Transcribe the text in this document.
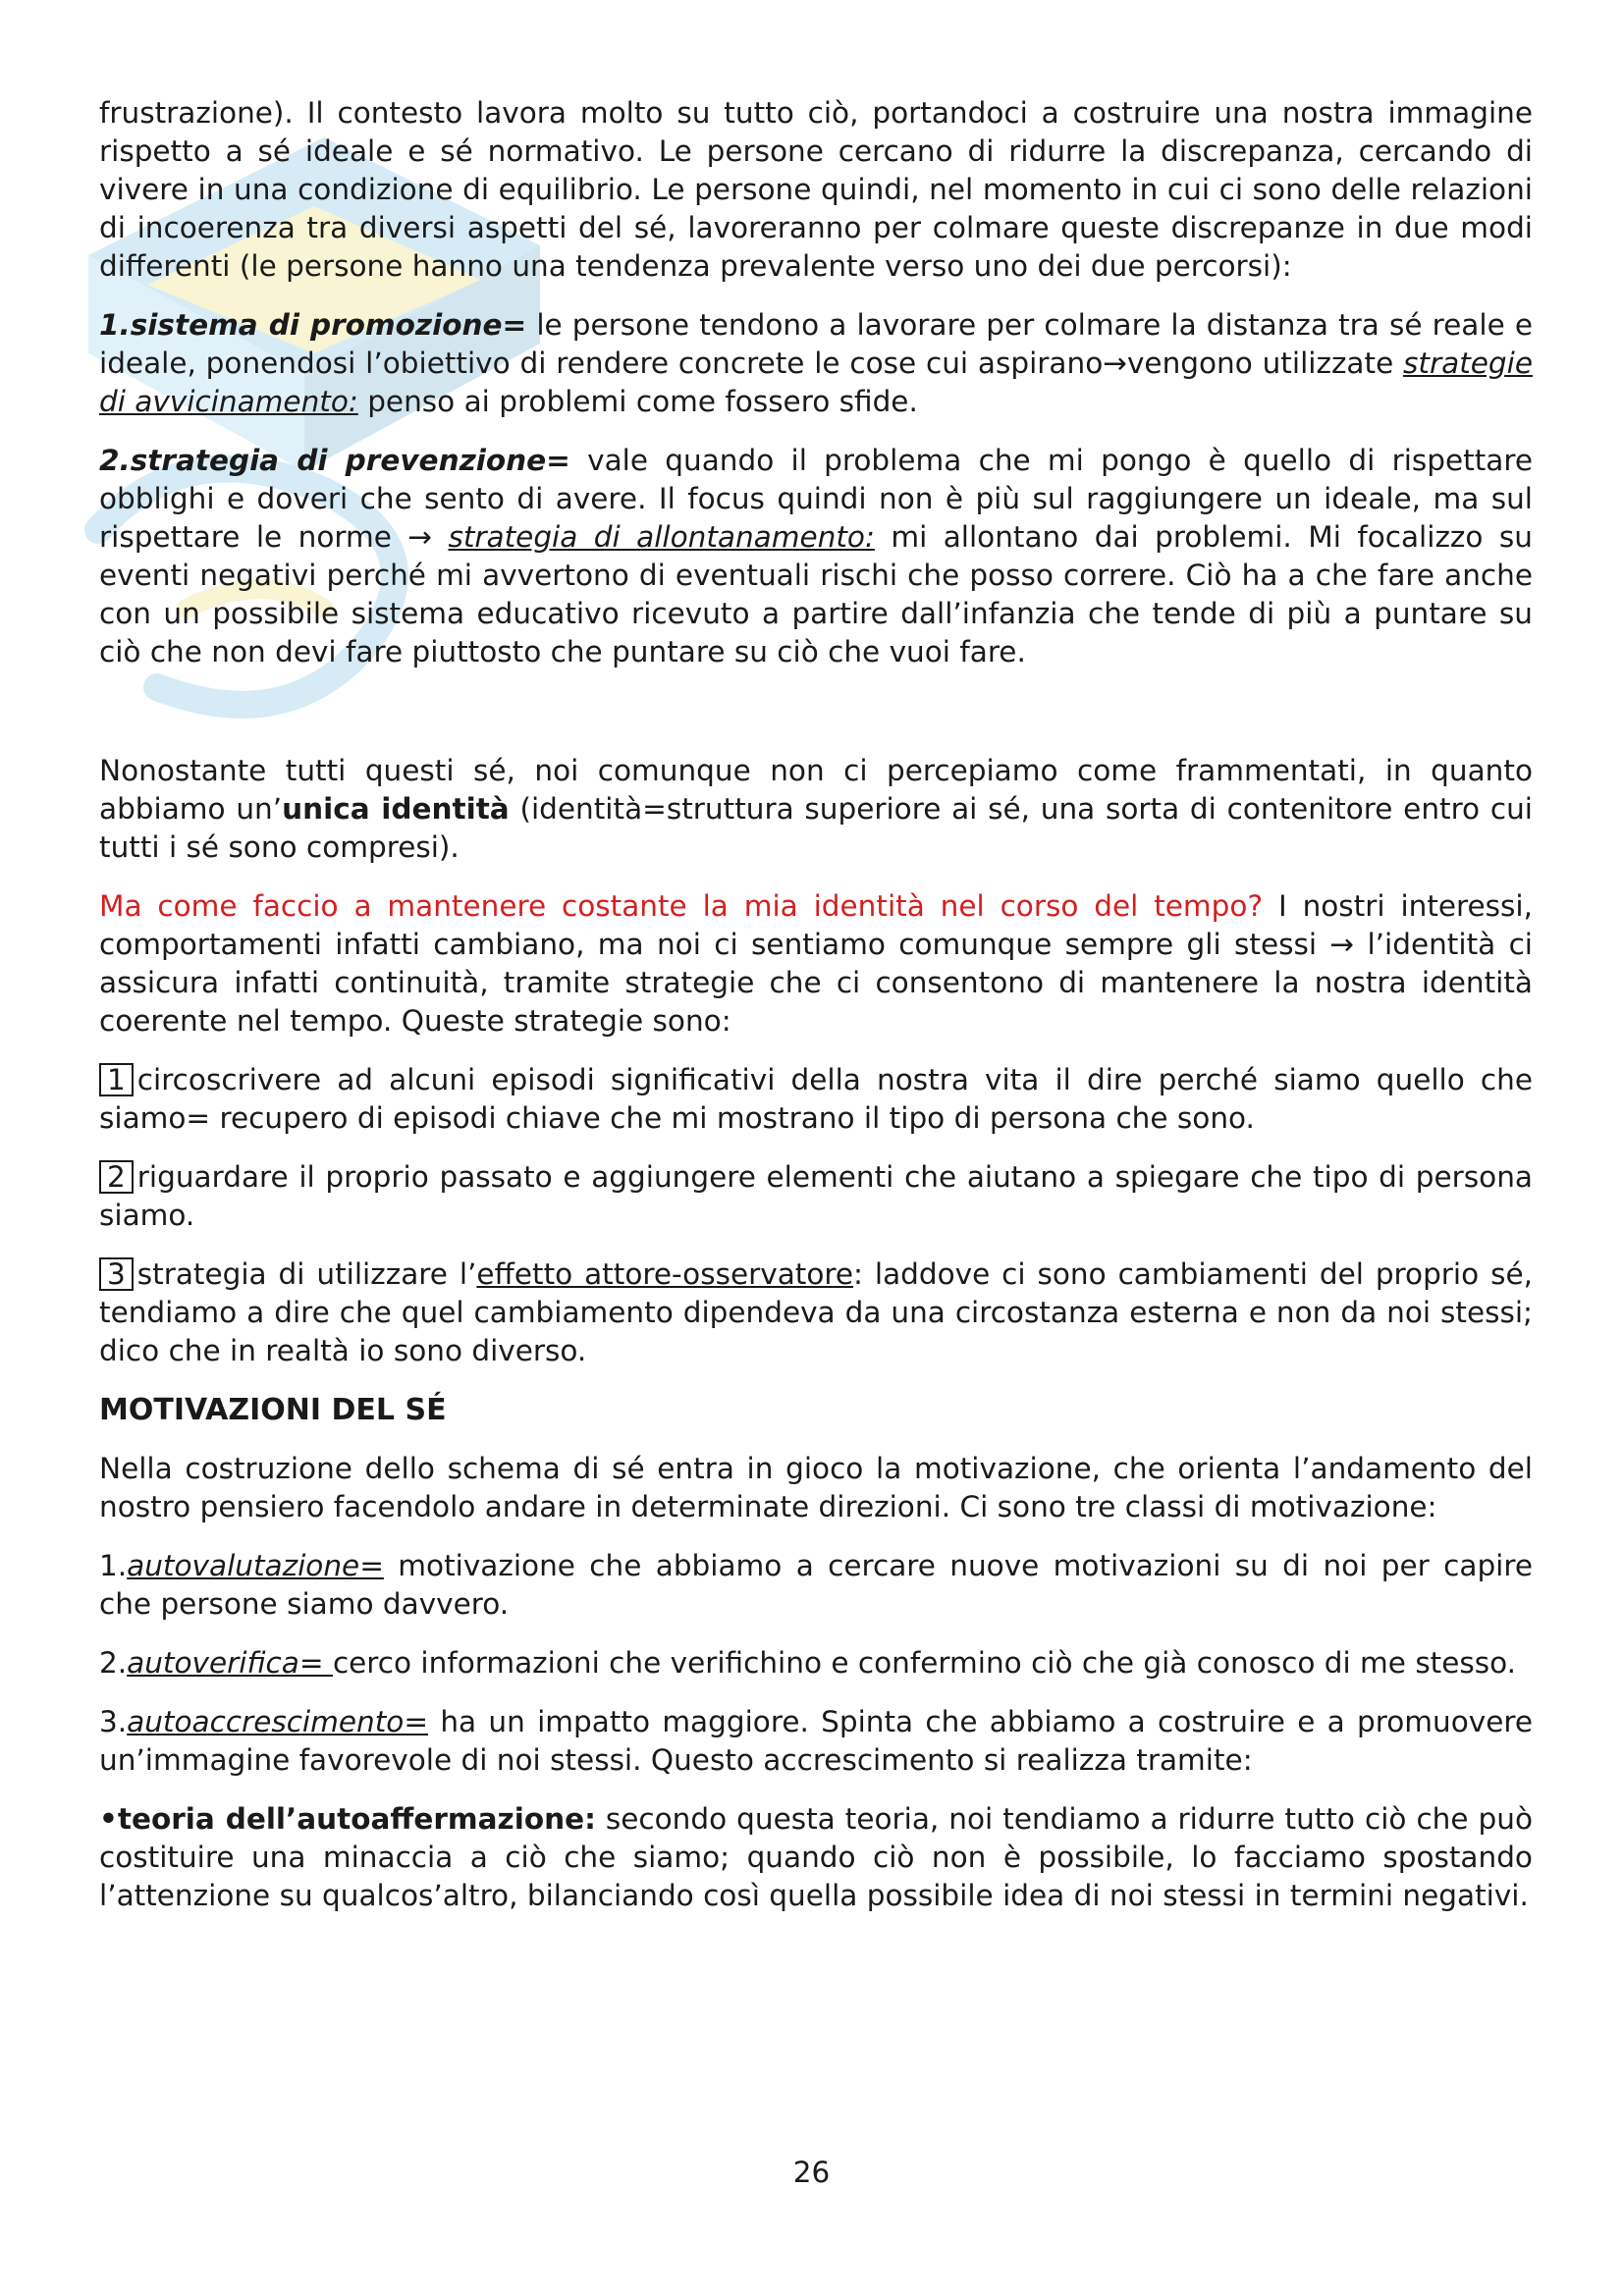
frustrazione). Il contesto lavora molto su tutto ciò, portandoci a costruire una nostra immagine rispetto a sé ideale e sé normativo. Le persone cercano di ridurre la discrepanza, cercando di vivere in una condizione di equilibrio. Le persone quindi, nel momento in cui ci sono delle relazioni di incoerenza tra diversi aspetti del sé, lavoreranno per colmare queste discrepanze in due modi differenti (le persone hanno una tendenza prevalente verso uno dei due percorsi):

1.sistema di promozione= le persone tendono a lavorare per colmare la distanza tra sé reale e ideale, ponendosi l’obiettivo di rendere concrete le cose cui aspirano→vengono utilizzate strategie di avvicinamento: penso ai problemi come fossero sfide.

2.strategia di prevenzione= vale quando il problema che mi pongo è quello di rispettare obblighi e doveri che sento di avere. Il focus quindi non è più sul raggiungere un ideale, ma sul rispettare le norme → strategia di allontanamento: mi allontano dai problemi. Mi focalizzo su eventi negativi perché mi avvertono di eventuali rischi che posso correre. Ciò ha a che fare anche con un possibile sistema educativo ricevuto a partire dall’infanzia che tende di più a puntare su ciò che non devi fare piuttosto che puntare su ciò che vuoi fare.

Nonostante tutti questi sé, noi comunque non ci percepiamo come frammentati, in quanto abbiamo un’unica identità (identità=struttura superiore ai sé, una sorta di contenitore entro cui tutti i sé sono compresi).

Ma come faccio a mantenere costante la mia identità nel corso del tempo? I nostri interessi, comportamenti infatti cambiano, ma noi ci sentiamo comunque sempre gli stessi → l’identità ci assicura infatti continuità, tramite strategie che ci consentono di mantenere la nostra identità coerente nel tempo. Queste strategie sono:

1 circoscrivere ad alcuni episodi significativi della nostra vita il dire perché siamo quello che siamo= recupero di episodi chiave che mi mostrano il tipo di persona che sono.

2 riguardare il proprio passato e aggiungere elementi che aiutano a spiegare che tipo di persona siamo.

3 strategia di utilizzare l’effetto attore-osservatore: laddove ci sono cambiamenti del proprio sé, tendiamo a dire che quel cambiamento dipendeva da una circostanza esterna e non da noi stessi; dico che in realtà io sono diverso.

MOTIVAZIONI DEL SÉ

Nella costruzione dello schema di sé entra in gioco la motivazione, che orienta l’andamento del nostro pensiero facendolo andare in determinate direzioni. Ci sono tre classi di motivazione:

1.autovalutazione= motivazione che abbiamo a cercare nuove motivazioni su di noi per capire che persone siamo davvero.

2.autoverifica= cerco informazioni che verifichino e confermino ciò che già conosco di me stesso.

3.autoaccrescimento= ha un impatto maggiore. Spinta che abbiamo a costruire e a promuovere un’immagine favorevole di noi stessi. Questo accrescimento si realizza tramite:

•teoria dell’autoaffermazione: secondo questa teoria, noi tendiamo a ridurre tutto ciò che può costituire una minaccia a ciò che siamo; quando ciò non è possibile, lo facciamo spostando l’attenzione su qualcos’altro, bilanciando così quella possibile idea di noi stessi in termini negativi.

26
